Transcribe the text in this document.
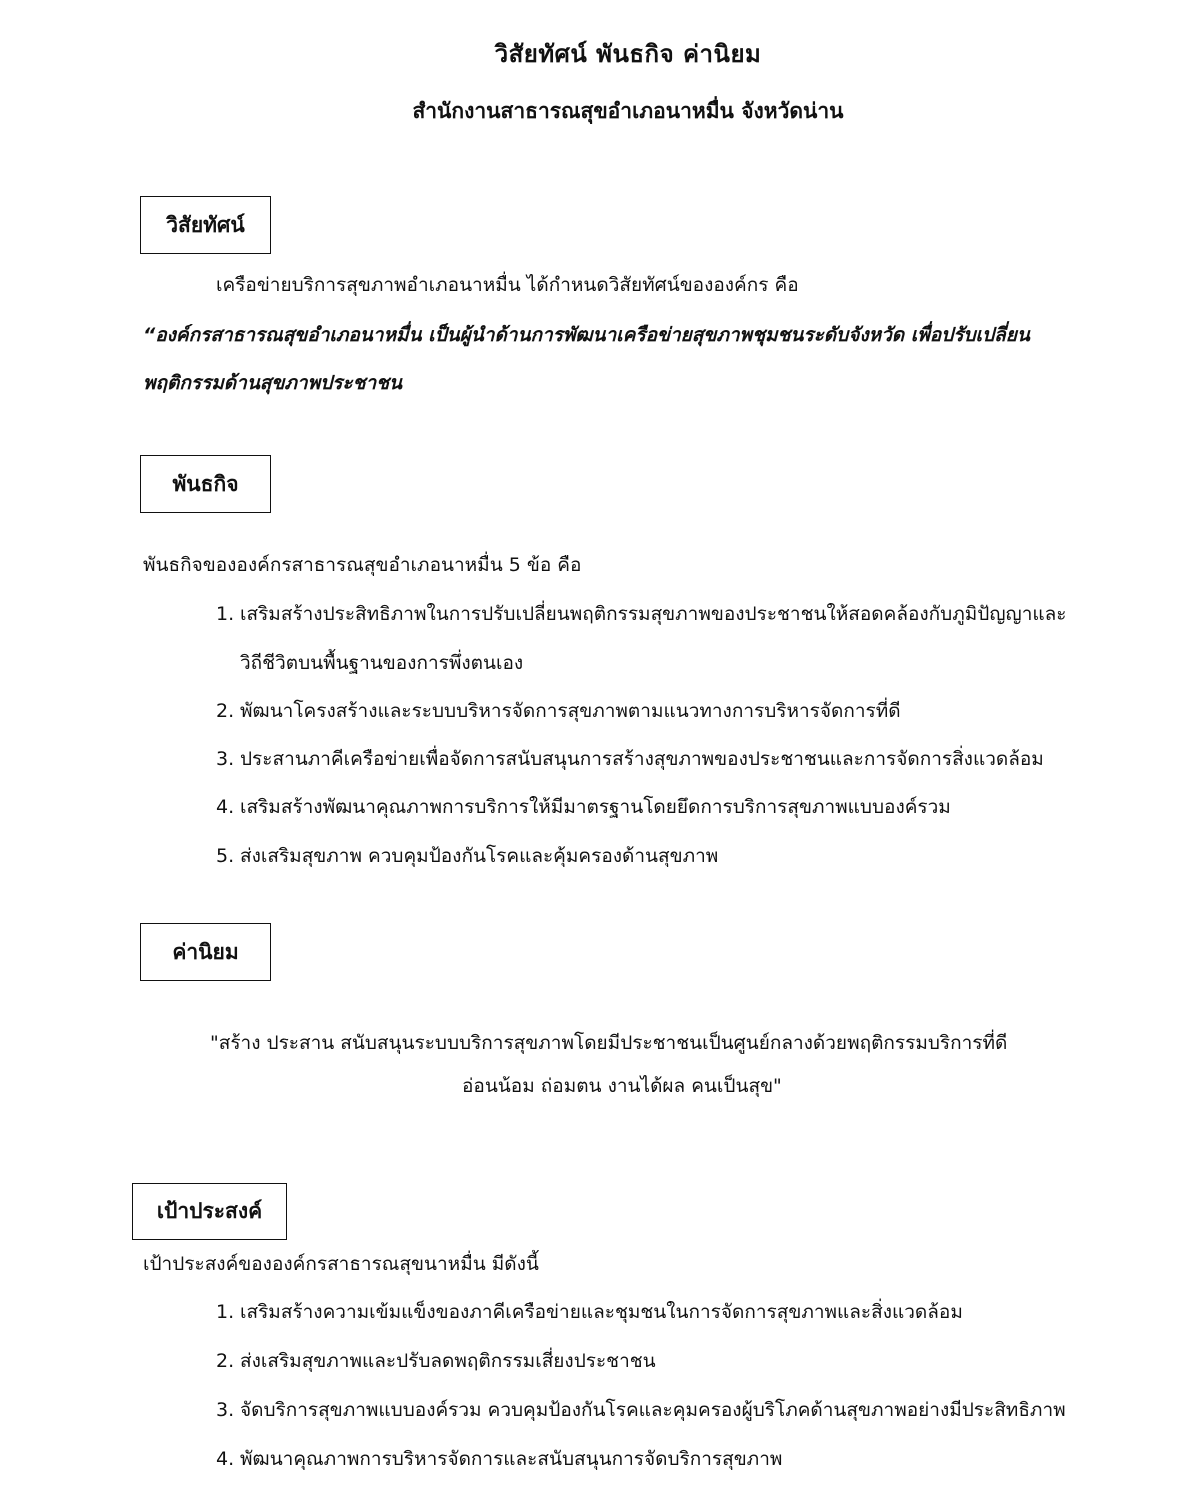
วิสัยทัศน์ พันธกิจ ค่านิยม
สำนักงานสาธารณสุขอำเภอนาหมื่น จังหวัดน่าน
วิสัยทัศน์
เครือข่ายบริการสุขภาพอำเภอนาหมื่น ได้กำหนดวิสัยทัศน์ขององค์กร คือ
“องค์กรสาธารณสุขอำเภอนาหมื่น เป็นผู้นำด้านการพัฒนาเครือข่ายสุขภาพชุมชนระดับจังหวัด เพื่อปรับเปลี่ยน
พฤติกรรมด้านสุขภาพประชาชน
พันธกิจ
พันธกิจขององค์กรสาธารณสุขอำเภอนาหมื่น 5 ข้อ คือ
1. เสริมสร้างประสิทธิภาพในการปรับเปลี่ยนพฤติกรรมสุขภาพของประชาชนให้สอดคล้องกับภูมิปัญญาและ
วิถีชีวิตบนพื้นฐานของการพึ่งตนเอง
2. พัฒนาโครงสร้างและระบบบริหารจัดการสุขภาพตามแนวทางการบริหารจัดการที่ดี
3. ประสานภาคีเครือข่ายเพื่อจัดการสนับสนุนการสร้างสุขภาพของประชาชนและการจัดการสิ่งแวดล้อม
4. เสริมสร้างพัฒนาคุณภาพการบริการให้มีมาตรฐานโดยยึดการบริการสุขภาพแบบองค์รวม
5. ส่งเสริมสุขภาพ ควบคุมป้องกันโรคและคุ้มครองด้านสุขภาพ
ค่านิยม
"สร้าง ประสาน สนับสนุนระบบบริการสุขภาพโดยมีประชาชนเป็นศูนย์กลางด้วยพฤติกรรมบริการที่ดี
อ่อนน้อม ถ่อมตน งานได้ผล คนเป็นสุข"
เป้าประสงค์
เป้าประสงค์ขององค์กรสาธารณสุขนาหมื่น มีดังนี้
1. เสริมสร้างความเข้มแข็งของภาคีเครือข่ายและชุมชนในการจัดการสุขภาพและสิ่งแวดล้อม
2. ส่งเสริมสุขภาพและปรับลดพฤติกรรมเสี่ยงประชาชน
3. จัดบริการสุขภาพแบบองค์รวม ควบคุมป้องกันโรคและคุมครองผู้บริโภคด้านสุขภาพอย่างมีประสิทธิภาพ
4. พัฒนาคุณภาพการบริหารจัดการและสนับสนุนการจัดบริการสุขภาพ
